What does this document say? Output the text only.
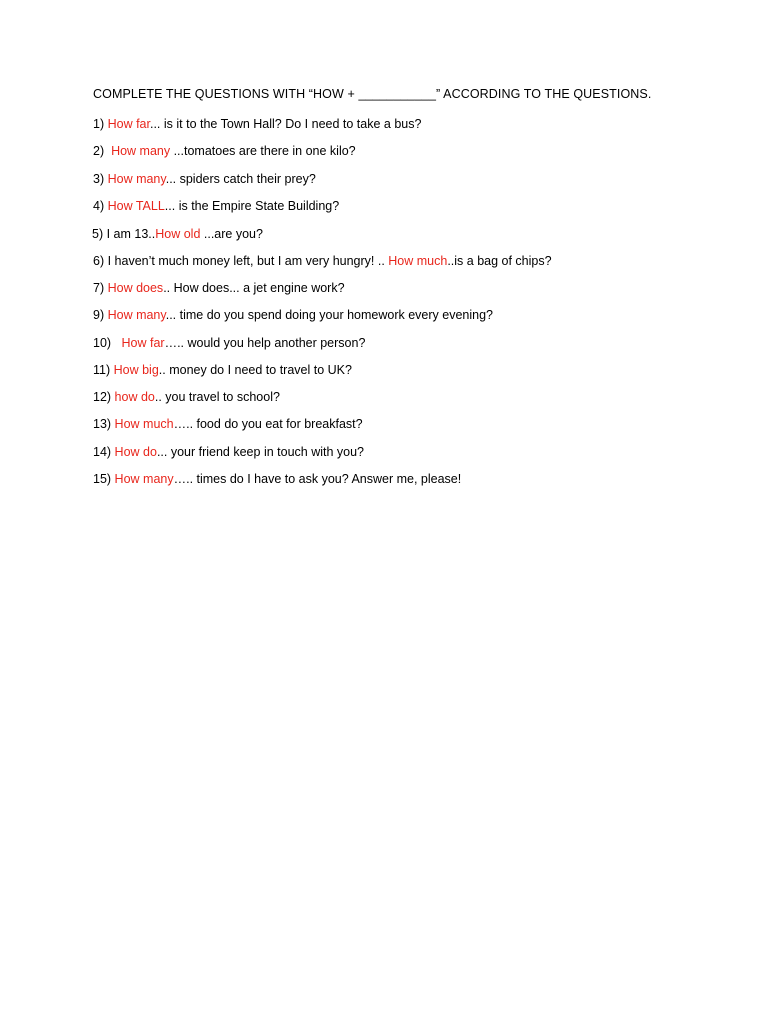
COMPLETE THE QUESTIONS WITH “HOW + ___________” ACCORDING TO THE QUESTIONS.
1) How far... is it to the Town Hall? Do I need to take a bus?
2)  How many ...tomatoes are there in one kilo?
3) How many... spiders catch their prey?
4) How TALL... is the Empire State Building?
5) I am 13..How old ...are you?
6) I haven’t much money left, but I am very hungry! .. How much..is a bag of chips?
7) How does.. How does... a jet engine work?
9) How many... time do you spend doing your homework every evening?
10)   How far….. would you help another person?
11) How big.. money do I need to travel to UK?
12) how do.. you travel to school?
13) How much….. food do you eat for breakfast?
14) How do... your friend keep in touch with you?
15) How many….. times do I have to ask you? Answer me, please!
